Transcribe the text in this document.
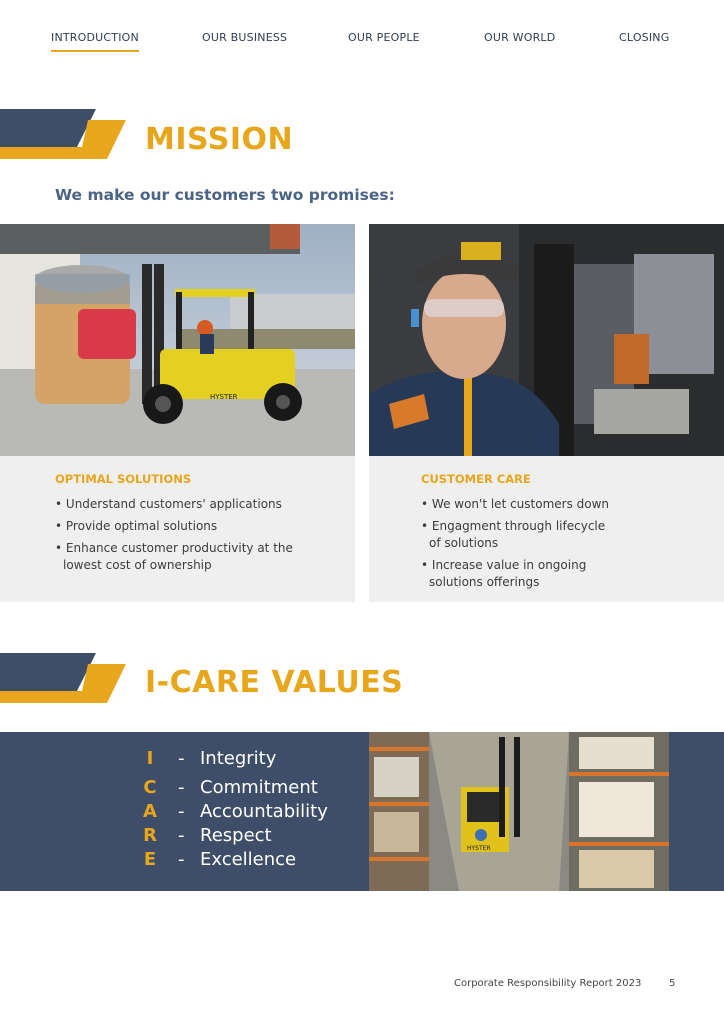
INTRODUCTION	OUR BUSINESS	OUR PEOPLE	OUR WORLD	CLOSING
MISSION
We make our customers two promises:
HYSTER
OPTIMAL SOLUTIONS
• Understand customers' applications
• Provide optimal solutions
• Enhance customer productivity at the lowest cost of ownership
CUSTOMER CARE
• We won't let customers down
• Engagment through lifecycle of solutions
• Increase value in ongoing solutions offerings
I-CARE VALUES
I - Integrity
C - Commitment
A - Accountability
R - Respect
E - Excellence
HYSTER
Corporate Responsibility Report 2023	5
